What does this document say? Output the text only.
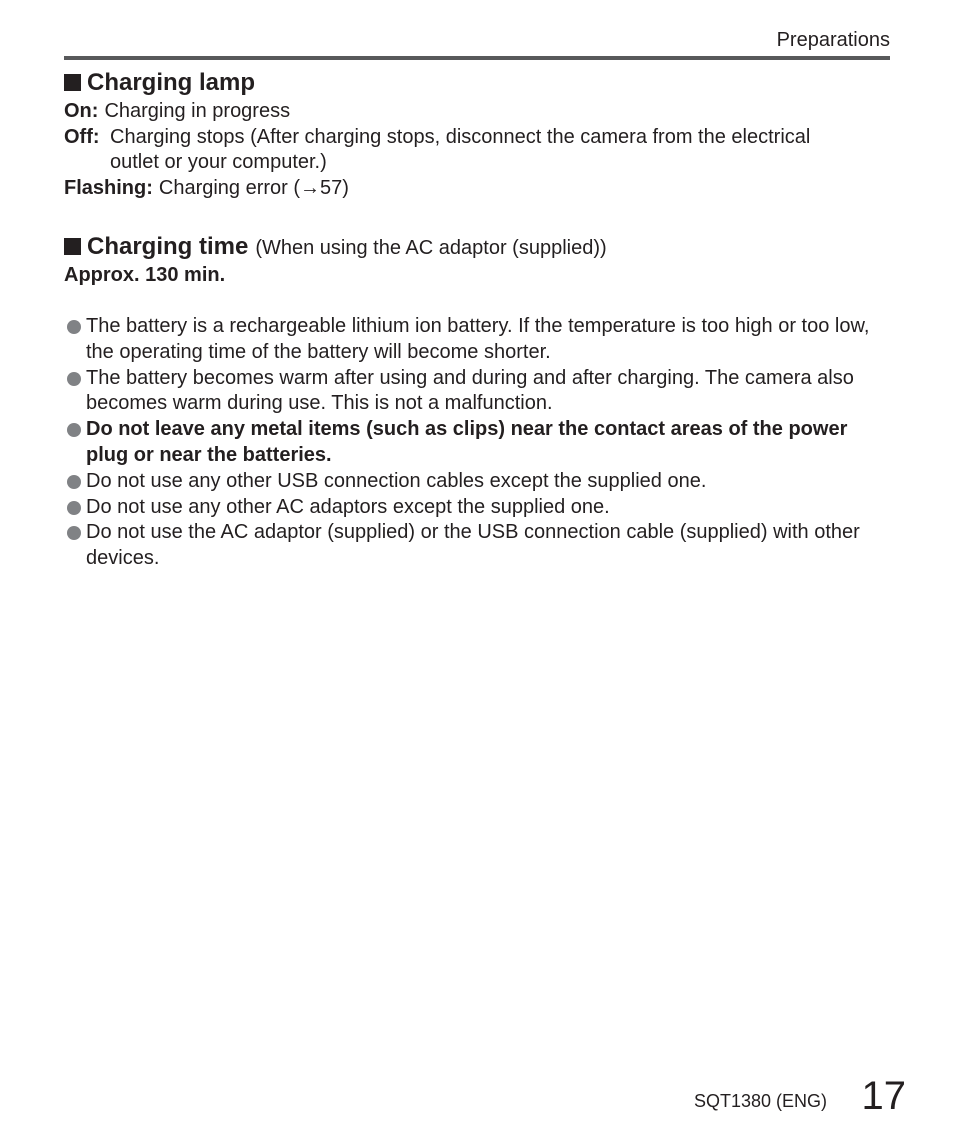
Preparations
Charging lamp
On: Charging in progress
Off: Charging stops (After charging stops, disconnect the camera from the electrical outlet or your computer.)
Flashing: Charging error (→57)
Charging time (When using the AC adaptor (supplied))
Approx. 130 min.
The battery is a rechargeable lithium ion battery. If the temperature is too high or too low, the operating time of the battery will become shorter.
The battery becomes warm after using and during and after charging. The camera also becomes warm during use. This is not a malfunction.
Do not leave any metal items (such as clips) near the contact areas of the power plug or near the batteries.
Do not use any other USB connection cables except the supplied one.
Do not use any other AC adaptors except the supplied one.
Do not use the AC adaptor (supplied) or the USB connection cable (supplied) with other devices.
SQT1380 (ENG) 17
